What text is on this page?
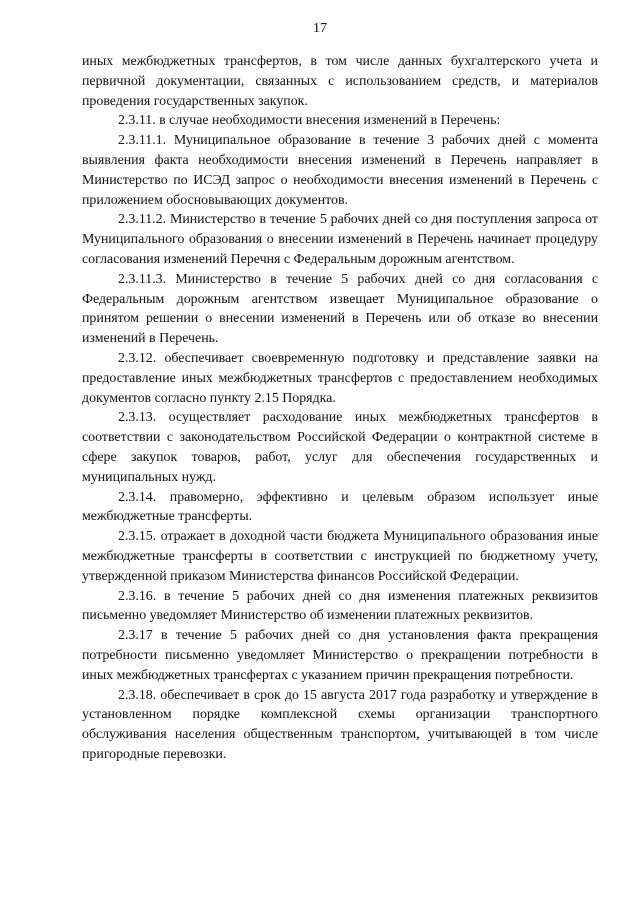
17

иных межбюджетных трансфертов, в том числе данных бухгалтерского учета и первичной документации, связанных с использованием средств, и материалов проведения государственных закупок.

2.3.11. в случае необходимости внесения изменений в Перечень:

2.3.11.1. Муниципальное образование в течение 3 рабочих дней с момента выявления факта необходимости внесения изменений в Перечень направляет в Министерство по ИСЭД запрос о необходимости внесения изменений в Перечень с приложением обосновывающих документов.

2.3.11.2. Министерство в течение 5 рабочих дней со дня поступления запроса от Муниципального образования о внесении изменений в Перечень начинает процедуру согласования изменений Перечня с Федеральным дорожным агентством.

2.3.11.3. Министерство в течение 5 рабочих дней со дня согласования с Федеральным дорожным агентством извещает Муниципальное образование о принятом решении о внесении изменений в Перечень или об отказе во внесении изменений в Перечень.

2.3.12. обеспечивает своевременную подготовку и представление заявки на предоставление иных межбюджетных трансфертов с предоставлением необходимых документов согласно пункту 2.15 Порядка.

2.3.13. осуществляет расходование иных межбюджетных трансфертов в соответствии с законодательством Российской Федерации о контрактной системе в сфере закупок товаров, работ, услуг для обеспечения государственных и муниципальных нужд.

2.3.14. правомерно, эффективно и целевым образом использует иные межбюджетные трансферты.

2.3.15. отражает в доходной части бюджета Муниципального образования иные межбюджетные трансферты в соответствии с инструкцией по бюджетному учету, утвержденной приказом Министерства финансов Российской Федерации.

2.3.16. в течение 5 рабочих дней со дня изменения платежных реквизитов письменно уведомляет Министерство об изменении платежных реквизитов.

2.3.17 в течение 5 рабочих дней со дня установления факта прекращения потребности письменно уведомляет Министерство о прекращении потребности в иных межбюджетных трансфертах с указанием причин прекращения потребности.

2.3.18. обеспечивает в срок до 15 августа 2017 года разработку и утверждение в установленном порядке комплексной схемы организации транспортного обслуживания населения общественным транспортом, учитывающей в том числе пригородные перевозки.
